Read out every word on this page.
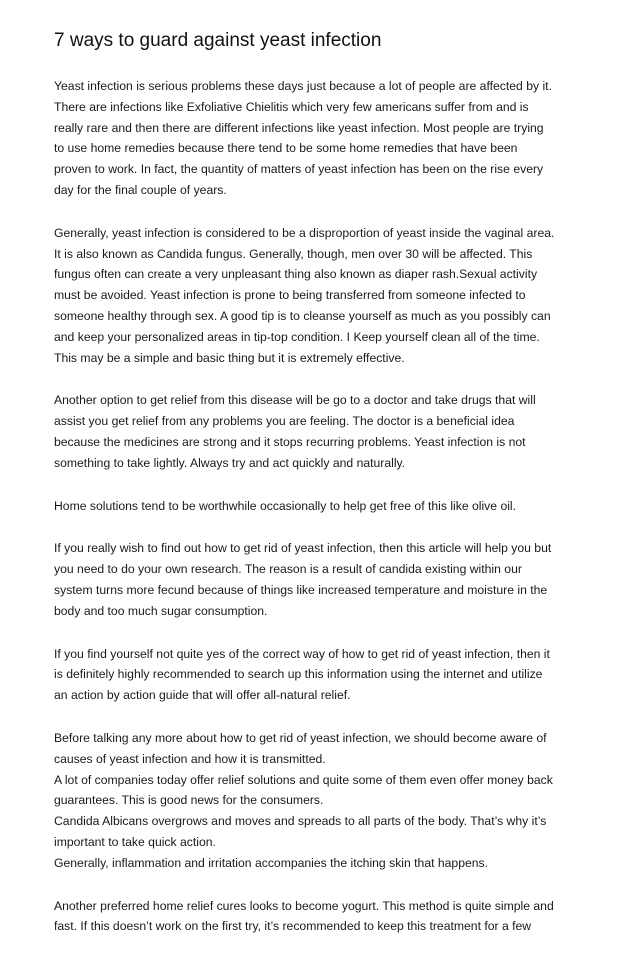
7 ways to guard against yeast infection

Yeast infection is serious problems these days just because a lot of people are affected by it.
There are infections like Exfoliative Chielitis which very few americans suffer from and is
really rare and then there are different infections like yeast infection. Most people are trying
to use home remedies because there tend to be some home remedies that have been
proven to work. In fact, the quantity of matters of yeast infection has been on the rise every
day for the final couple of years.

Generally, yeast infection is considered to be a disproportion of yeast inside the vaginal area.
It is also known as Candida fungus. Generally, though, men over 30 will be affected. This
fungus often can create a very unpleasant thing also known as diaper rash.Sexual activity
must be avoided. Yeast infection is prone to being transferred from someone infected to
someone healthy through sex. A good tip is to cleanse yourself as much as you possibly can
and keep your personalized areas in tip-top condition. I Keep yourself clean all of the time.
This may be a simple and basic thing but it is extremely effective.

Another option to get relief from this disease will be go to a doctor and take drugs that will
assist you get relief from any problems you are feeling. The doctor is a beneficial idea
because the medicines are strong and it stops recurring problems. Yeast infection is not
something to take lightly. Always try and act quickly and naturally.

Home solutions tend to be worthwhile occasionally to help get free of this like olive oil.

If you really wish to find out how to get rid of yeast infection, then this article will help you but
you need to do your own research. The reason is a result of candida existing within our
system turns more fecund because of things like increased temperature and moisture in the
body and too much sugar consumption.

If you find yourself not quite yes of the correct way of how to get rid of yeast infection, then it
is definitely highly recommended to search up this information using the internet and utilize
an action by action guide that will offer all-natural relief.

Before talking any more about how to get rid of yeast infection, we should become aware of
causes of yeast infection and how it is transmitted.
A lot of companies today offer relief solutions and quite some of them even offer money back
guarantees. This is good news for the consumers.
Candida Albicans overgrows and moves and spreads to all parts of the body. That’s why it’s
important to take quick action.
Generally, inflammation and irritation accompanies the itching skin that happens.

Another preferred home relief cures looks to become yogurt. This method is quite simple and
fast. If this doesn’t work on the first try, it’s recommended to keep this treatment for a few
